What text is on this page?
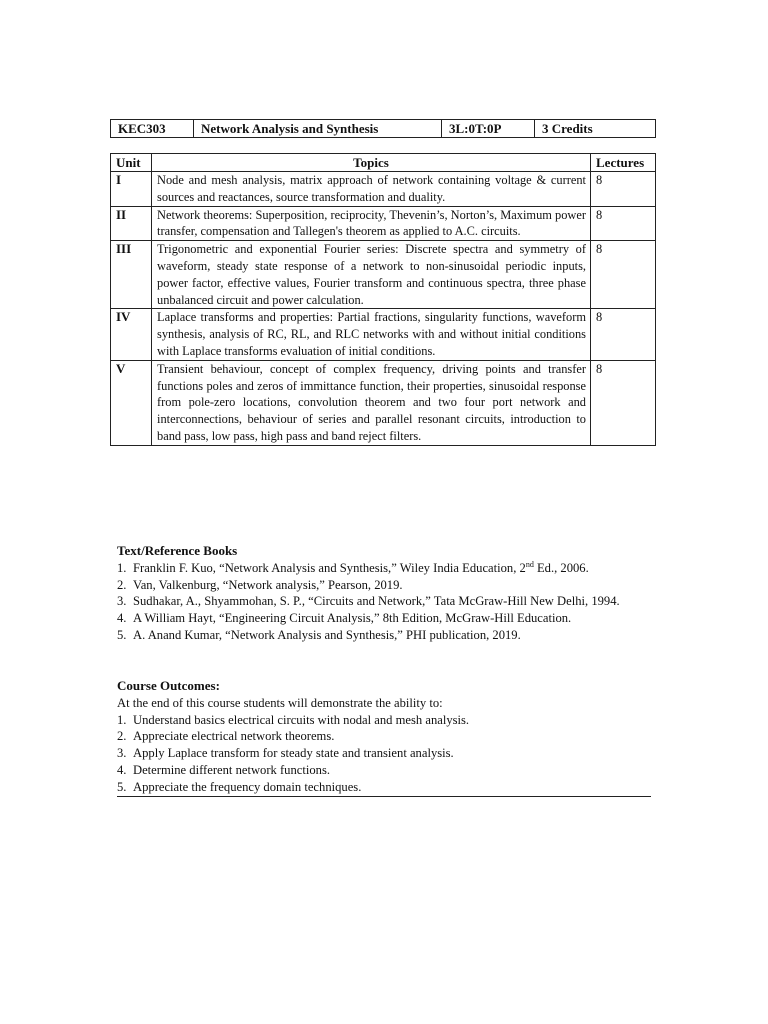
KEC303	Network Analysis and Synthesis	3L:0T:0P	3 Credits
Unit	Topics	Lectures
I	Node and mesh analysis, matrix approach of network containing voltage & current sources and reactances, source transformation and duality.	8
II	Network theorems: Superposition, reciprocity, Thevenin’s, Norton’s, Maximum power transfer, compensation and Tallegen's theorem as applied to A.C. circuits.	8
III	Trigonometric and exponential Fourier series: Discrete spectra and symmetry of waveform, steady state response of a network to non-sinusoidal periodic inputs, power factor, effective values, Fourier transform and continuous spectra, three phase unbalanced circuit and power calculation.	8
IV	Laplace transforms and properties: Partial fractions, singularity functions, waveform synthesis, analysis of RC, RL, and RLC networks with and without initial conditions with Laplace transforms evaluation of initial conditions.	8
V	Transient behaviour, concept of complex frequency, driving points and transfer functions poles and zeros of immittance function, their properties, sinusoidal response from pole-zero locations, convolution theorem and two four port network and interconnections, behaviour of series and parallel resonant circuits, introduction to band pass, low pass, high pass and band reject filters.	8
Text/Reference Books
1. Franklin F. Kuo, “Network Analysis and Synthesis,” Wiley India Education, 2nd Ed., 2006.
2. Van, Valkenburg, “Network analysis,” Pearson, 2019.
3. Sudhakar, A., Shyammohan, S. P., “Circuits and Network,” Tata McGraw-Hill New Delhi, 1994.
4. A William Hayt, “Engineering Circuit Analysis,” 8th Edition, McGraw-Hill Education.
5. A. Anand Kumar, “Network Analysis and Synthesis,” PHI publication, 2019.
Course Outcomes:
At the end of this course students will demonstrate the ability to:
1. Understand basics electrical circuits with nodal and mesh analysis.
2. Appreciate electrical network theorems.
3. Apply Laplace transform for steady state and transient analysis.
4. Determine different network functions.
5. Appreciate the frequency domain techniques.
